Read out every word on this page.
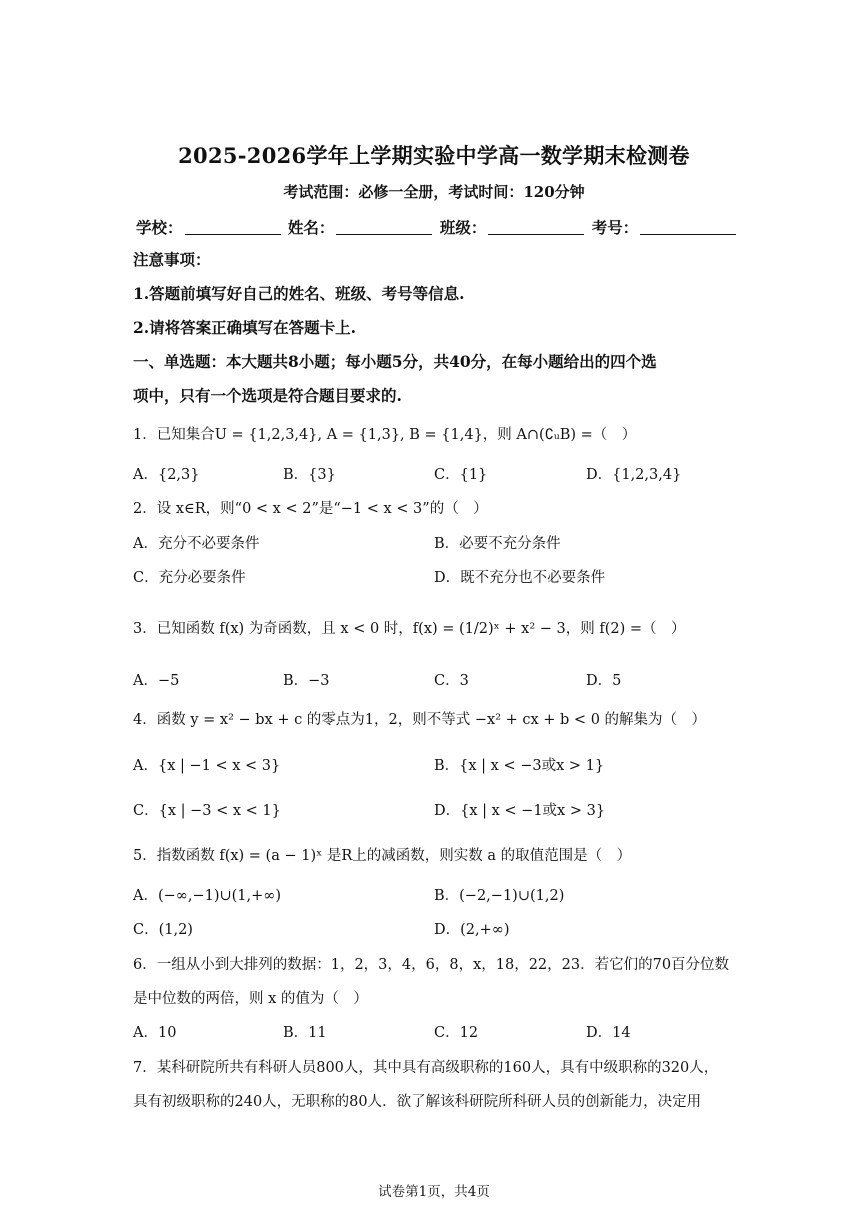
2025-2026学年上学期实验中学高一数学期末检测卷
考试范围：必修一全册，考试时间：120分钟
学校：	姓名：	班级：	考号：
注意事项：
1.答题前填写好自己的姓名、班级、考号等信息.
2.请将答案正确填写在答题卡上.
一、单选题：本大题共8小题；每小题5分，共40分，在每小题给出的四个选
项中，只有一个选项是符合题目要求的.
1．已知集合U = {1,2,3,4}, A = {1,3}, B = {1,4}，则 A∩(∁ᵤB) =（　）
A．{2,3}	B．{3}	C．{1}	D．{1,2,3,4}
2．设 x∈R，则“0 < x < 2”是“−1 < x < 3”的（　）
A．充分不必要条件	B．必要不充分条件
C．充分必要条件	D．既不充分也不必要条件
3．已知函数 f(x) 为奇函数，且 x < 0 时，f(x) = (1/2)ˣ + x² − 3，则 f(2) =（　）
A．−5	B．−3	C．3	D．5
4．函数 y = x² − bx + c 的零点为1，2，则不等式 −x² + cx + b < 0 的解集为（　）
A．{x | −1 < x < 3}	B．{x | x < −3或x > 1}
C．{x | −3 < x < 1}	D．{x | x < −1或x > 3}
5．指数函数 f(x) = (a − 1)ˣ 是R上的减函数，则实数 a 的取值范围是（　）
A．(−∞,−1)∪(1,+∞)	B．(−2,−1)∪(1,2)
C．(1,2)	D．(2,+∞)
6．一组从小到大排列的数据：1，2，3，4，6，8，x，18，22，23．若它们的70百分位数
是中位数的两倍，则 x 的值为（　）
A．10	B．11	C．12	D．14
7．某科研院所共有科研人员800人，其中具有高级职称的160人，具有中级职称的320人，
具有初级职称的240人，无职称的80人．欲了解该科研院所科研人员的创新能力，决定用
试卷第1页，共4页
